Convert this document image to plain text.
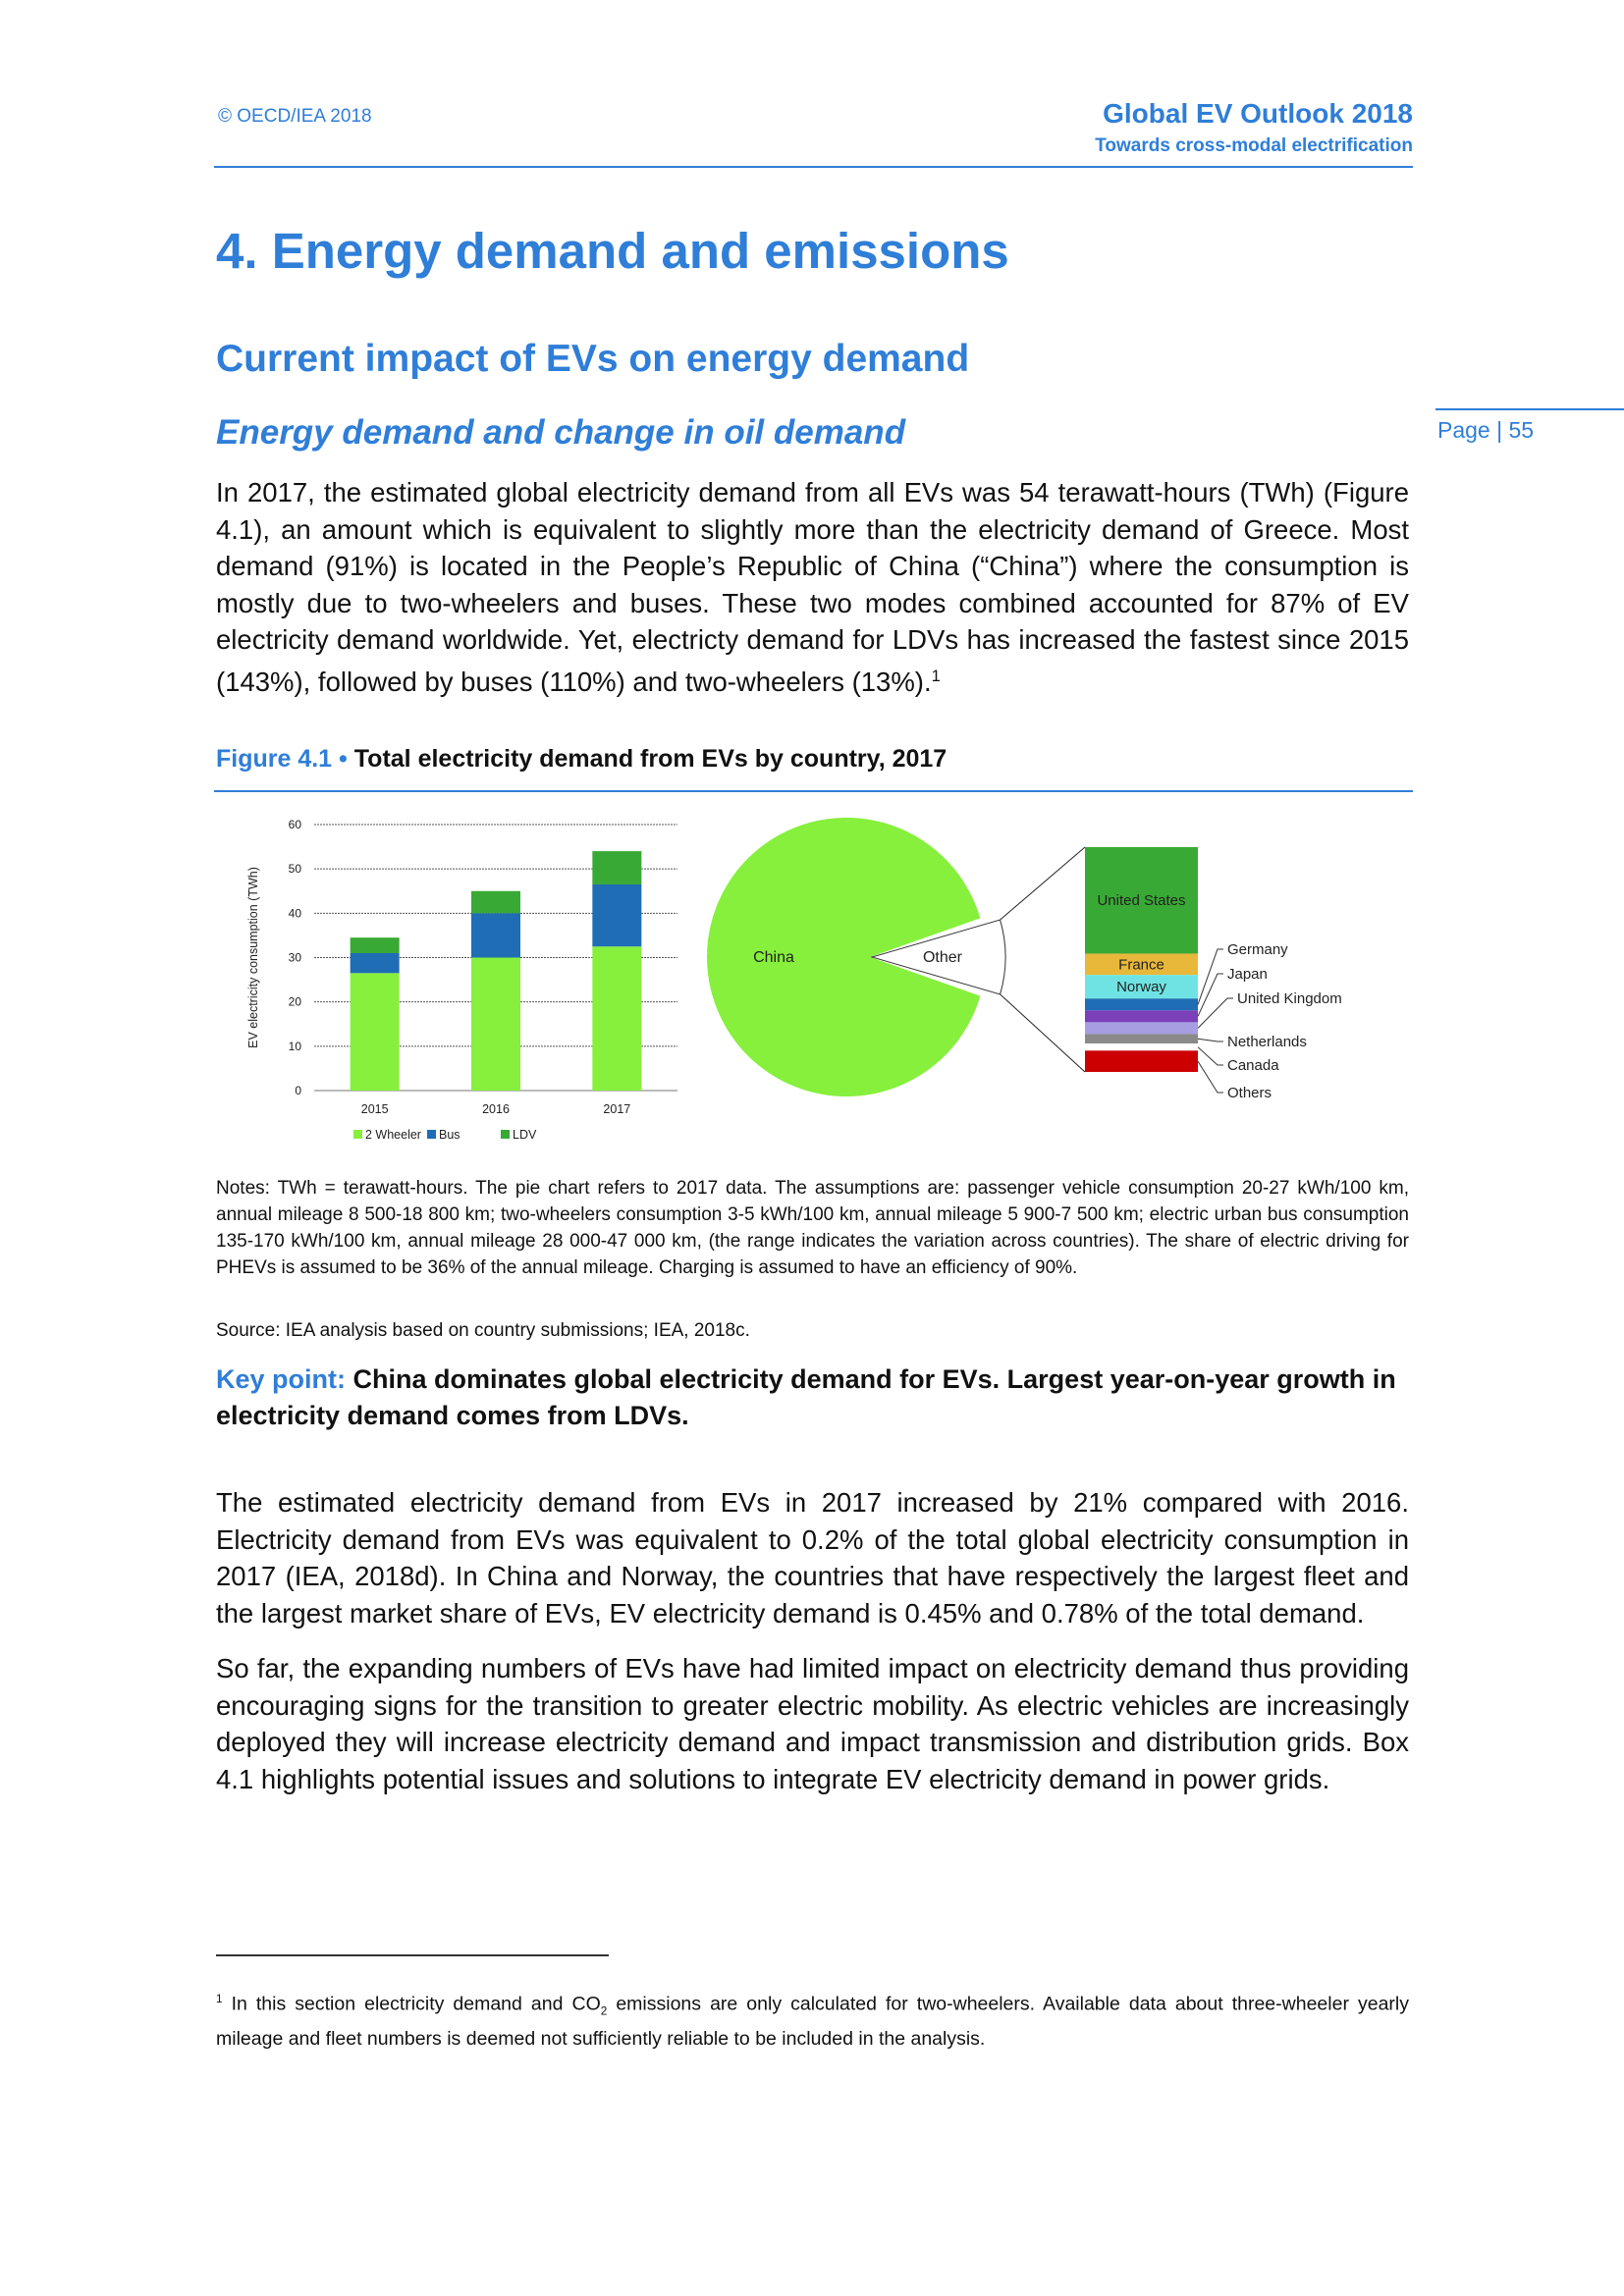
© OECD/IEA 2018	Global EV Outlook 2018
Towards cross-modal electrification
Page | 55
4. Energy demand and emissions
Current impact of EVs on energy demand
Energy demand and change in oil demand
In 2017, the estimated global electricity demand from all EVs was 54 terawatt-hours (TWh) (Figure 4.1), an amount which is equivalent to slightly more than the electricity demand of Greece. Most demand (91%) is located in the People’s Republic of China (“China”) where the consumption is mostly due to two-wheelers and buses. These two modes combined accounted for 87% of EV electricity demand worldwide. Yet, electricty demand for LDVs has increased the fastest since 2015 (143%), followed by buses (110%) and two-wheelers (13%).$^1$
Figure 4.1 • Total electricity demand from EVs by country, 2017
0
10
20
30
40
50
60
EV electricity consumption (TWh)
2015	2016	2017
2 Wheeler Bus	LDV
China	Other
United States
France
Norway
Germany
Japan
United Kingdom
Netherlands
Canada
Others
Notes: TWh = terawatt-hours. The pie chart refers to 2017 data. The assumptions are: passenger vehicle consumption 20-27 kWh/100 km, annual mileage 8 500-18 800 km; two-wheelers consumption 3-5 kWh/100 km, annual mileage 5 900-7 500 km; electric urban bus consumption 135-170 kWh/100 km, annual mileage 28 000-47 000 km, (the range indicates the variation across countries). The share of electric driving for PHEVs is assumed to be 36% of the annual mileage. Charging is assumed to have an efficiency of 90%.
Source: IEA analysis based on country submissions; IEA, 2018c.
Key point: China dominates global electricity demand for EVs. Largest year-on-year growth in electricity demand comes from LDVs.
The estimated electricity demand from EVs in 2017 increased by 21% compared with 2016. Electricity demand from EVs was equivalent to 0.2% of the total global electricity consumption in 2017 (IEA, 2018d). In China and Norway, the countries that have respectively the largest fleet and the largest market share of EVs, EV electricity demand is 0.45% and 0.78% of the total demand.
So far, the expanding numbers of EVs have had limited impact on electricity demand thus providing encouraging signs for the transition to greater electric mobility. As electric vehicles are increasingly deployed they will increase electricity demand and impact transmission and distribution grids. Box 4.1 highlights potential issues and solutions to integrate EV electricity demand in power grids.
$^1$ In this section electricity demand and $CO_2$ emissions are only calculated for two-wheelers. Available data about three-wheeler yearly mileage and fleet numbers is deemed not sufficiently reliable to be included in the analysis.
